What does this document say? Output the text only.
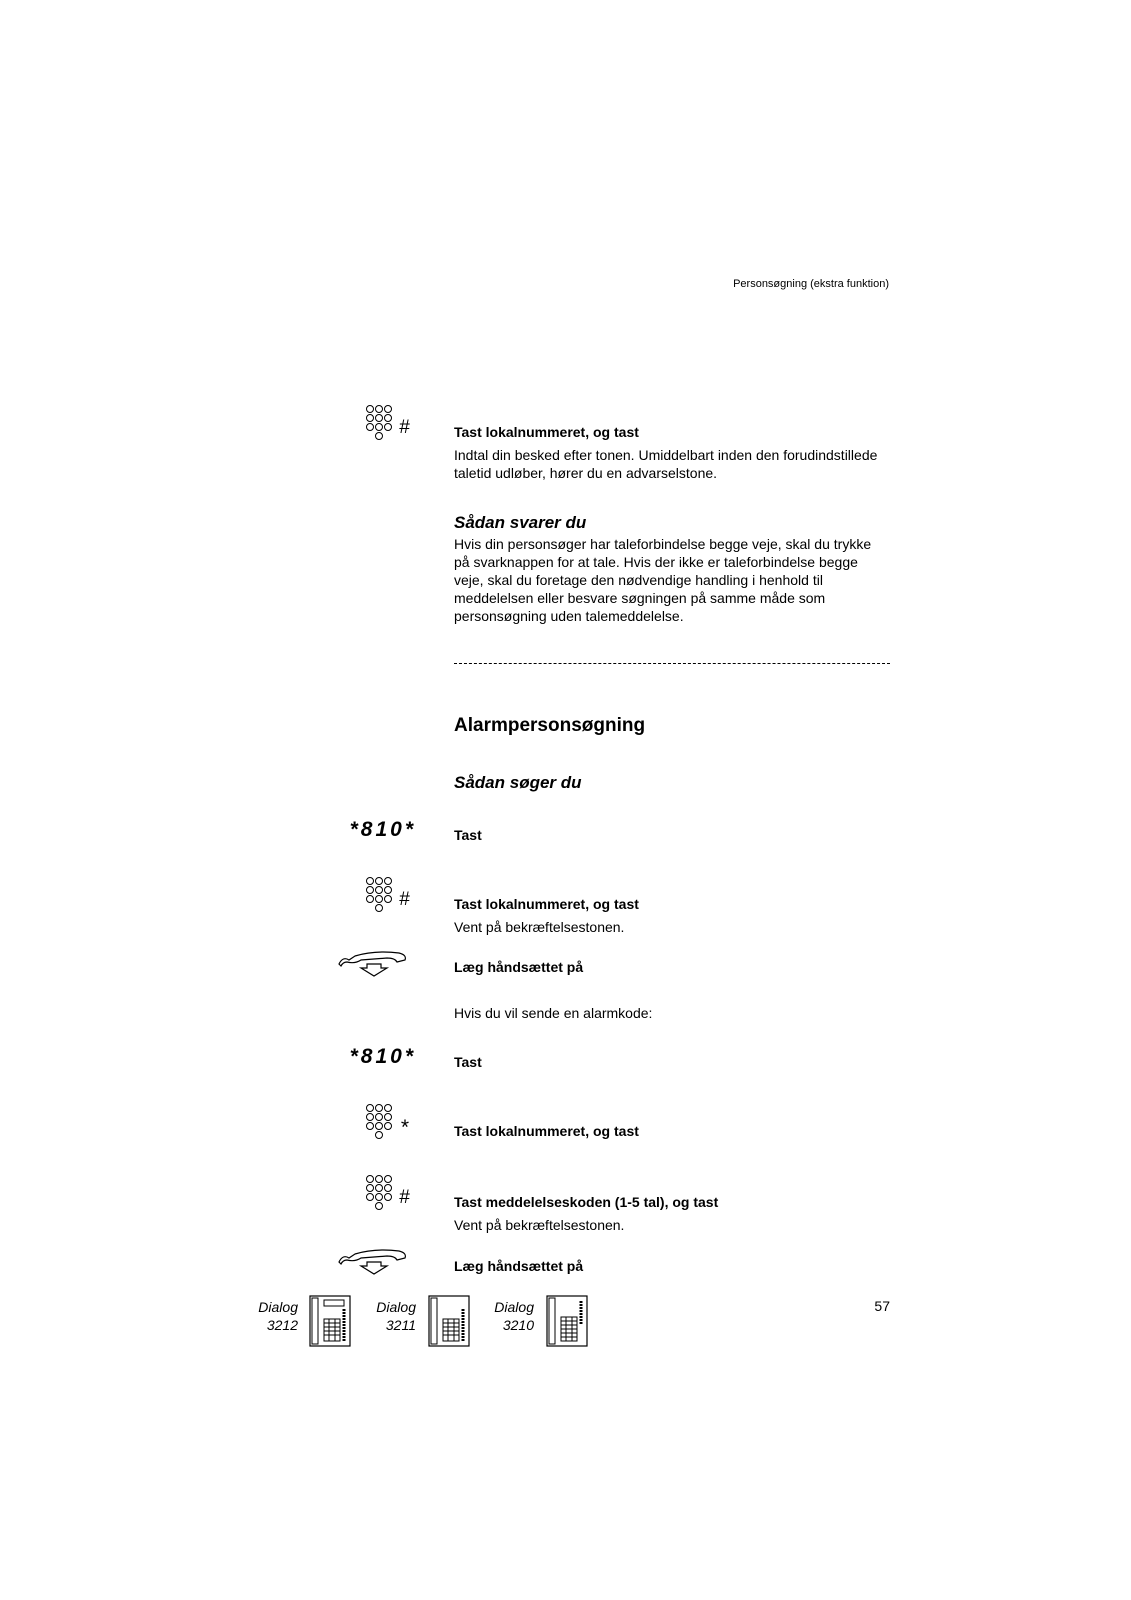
Personsøgning (ekstra funktion)
#	Tast lokalnummeret, og tast
Indtal din besked efter tonen. Umiddelbart inden den forudindstillede taletid udløber, hører du en advarselstone.
Sådan svarer du
Hvis din personsøger har taleforbindelse begge veje, skal du trykke på svarknappen for at tale. Hvis der ikke er taleforbindelse begge veje, skal du foretage den nødvendige handling i henhold til meddelelsen eller besvare søgningen på samme måde som personsøgning uden talemeddelelse.
Alarmpersonsøgning
Sådan søger du
*810*	Tast
#	Tast lokalnummeret, og tast
Vent på bekræftelsestonen.
Læg håndsættet på
Hvis du vil sende en alarmkode:
*810*	Tast
*	Tast lokalnummeret, og tast
#	Tast meddelelseskoden (1-5 tal), og tast
Vent på bekræftelsestonen.
Læg håndsættet på
Dialog
3212
Dialog
3211
Dialog
3210
57
